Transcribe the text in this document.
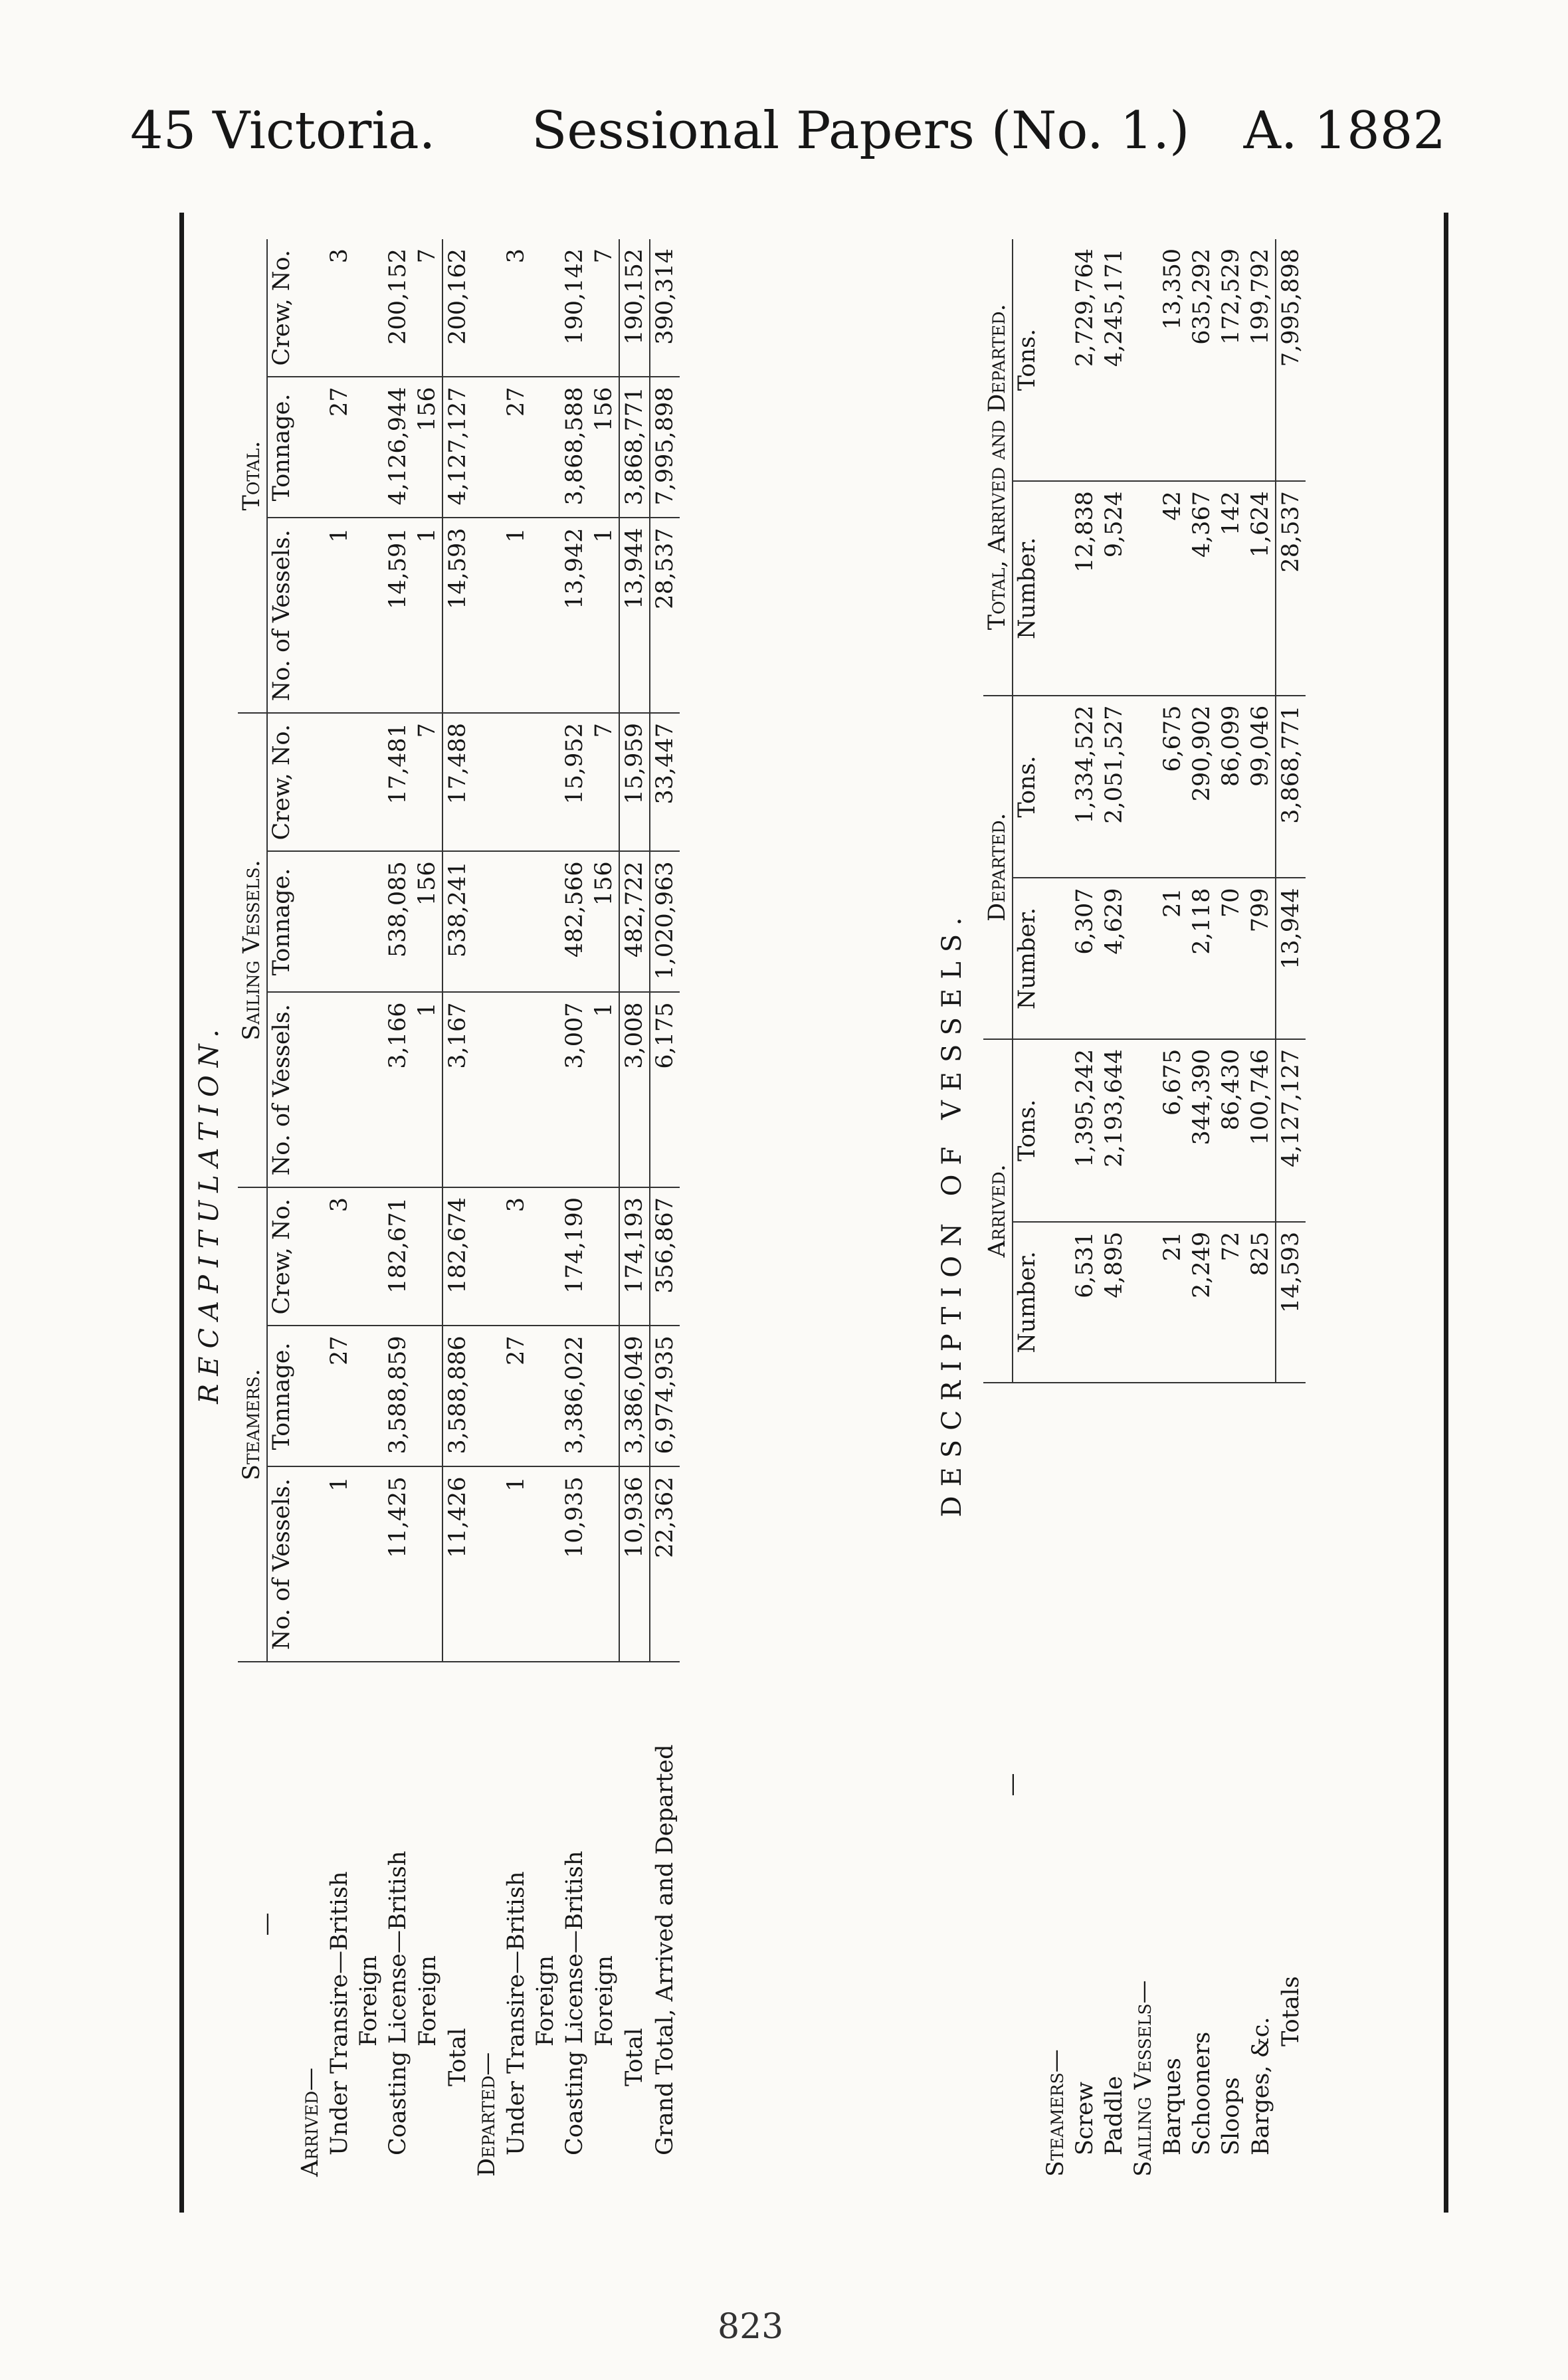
45 Victoria. Sessional Papers (No. 1.) A. 1882
RECAPITULATION.
—	Steamers.			Sailing Vessels.			Total.		
	No. of Vessels.	Tonnage.	Crew, No.	No. of Vessels.	Tonnage.	Crew, No.	No. of Vessels.	Tonnage.	Crew, No.
Arrived—									
Under Transire—British	1	27	3				1	27	3
Foreign									
Coasting License—British	11,425	3,588,859	182,671	3,166	538,085	17,481	14,591	4,126,944	200,152
Foreign				1	156	7	1	156	7
Total	11,426	3,588,886	182,674	3,167	538,241	17,488	14,593	4,127,127	200,162
Departed—									
Under Transire—British	1	27	3				1	27	3
Foreign									
Coasting License—British	10,935	3,386,022	174,190	3,007	482,566	15,952	13,942	3,868,588	190,142
Foreign				1	156	7	1	156	7
Total	10,936	3,386,049	174,193	3,008	482,722	15,959	13,944	3,868,771	190,152
Grand Total, Arrived and Departed	22,362	6,974,935	356,867	6,175	1,020,963	33,447	28,537	7,995,898	390,314
DESCRIPTION OF VESSELS.
—	Arrived.		Departed.		Total, Arrived and Departed.	
	Number.	Tons.	Number.	Tons.	Number.	Tons.
Steamers—						
Screw	6,531	1,395,242	6,307	1,334,522	12,838	2,729,764
Paddle	4,895	2,193,644	4,629	2,051,527	9,524	4,245,171
Sailing Vessels—						
Barques	21	6,675	21	6,675	42	13,350
Schooners	2,249	344,390	2,118	290,902	4,367	635,292
Sloops	72	86,430	70	86,099	142	172,529
Barges, &c.	825	100,746	799	99,046	1,624	199,792
Totals	14,593	4,127,127	13,944	3,868,771	28,537	7,995,898
823
